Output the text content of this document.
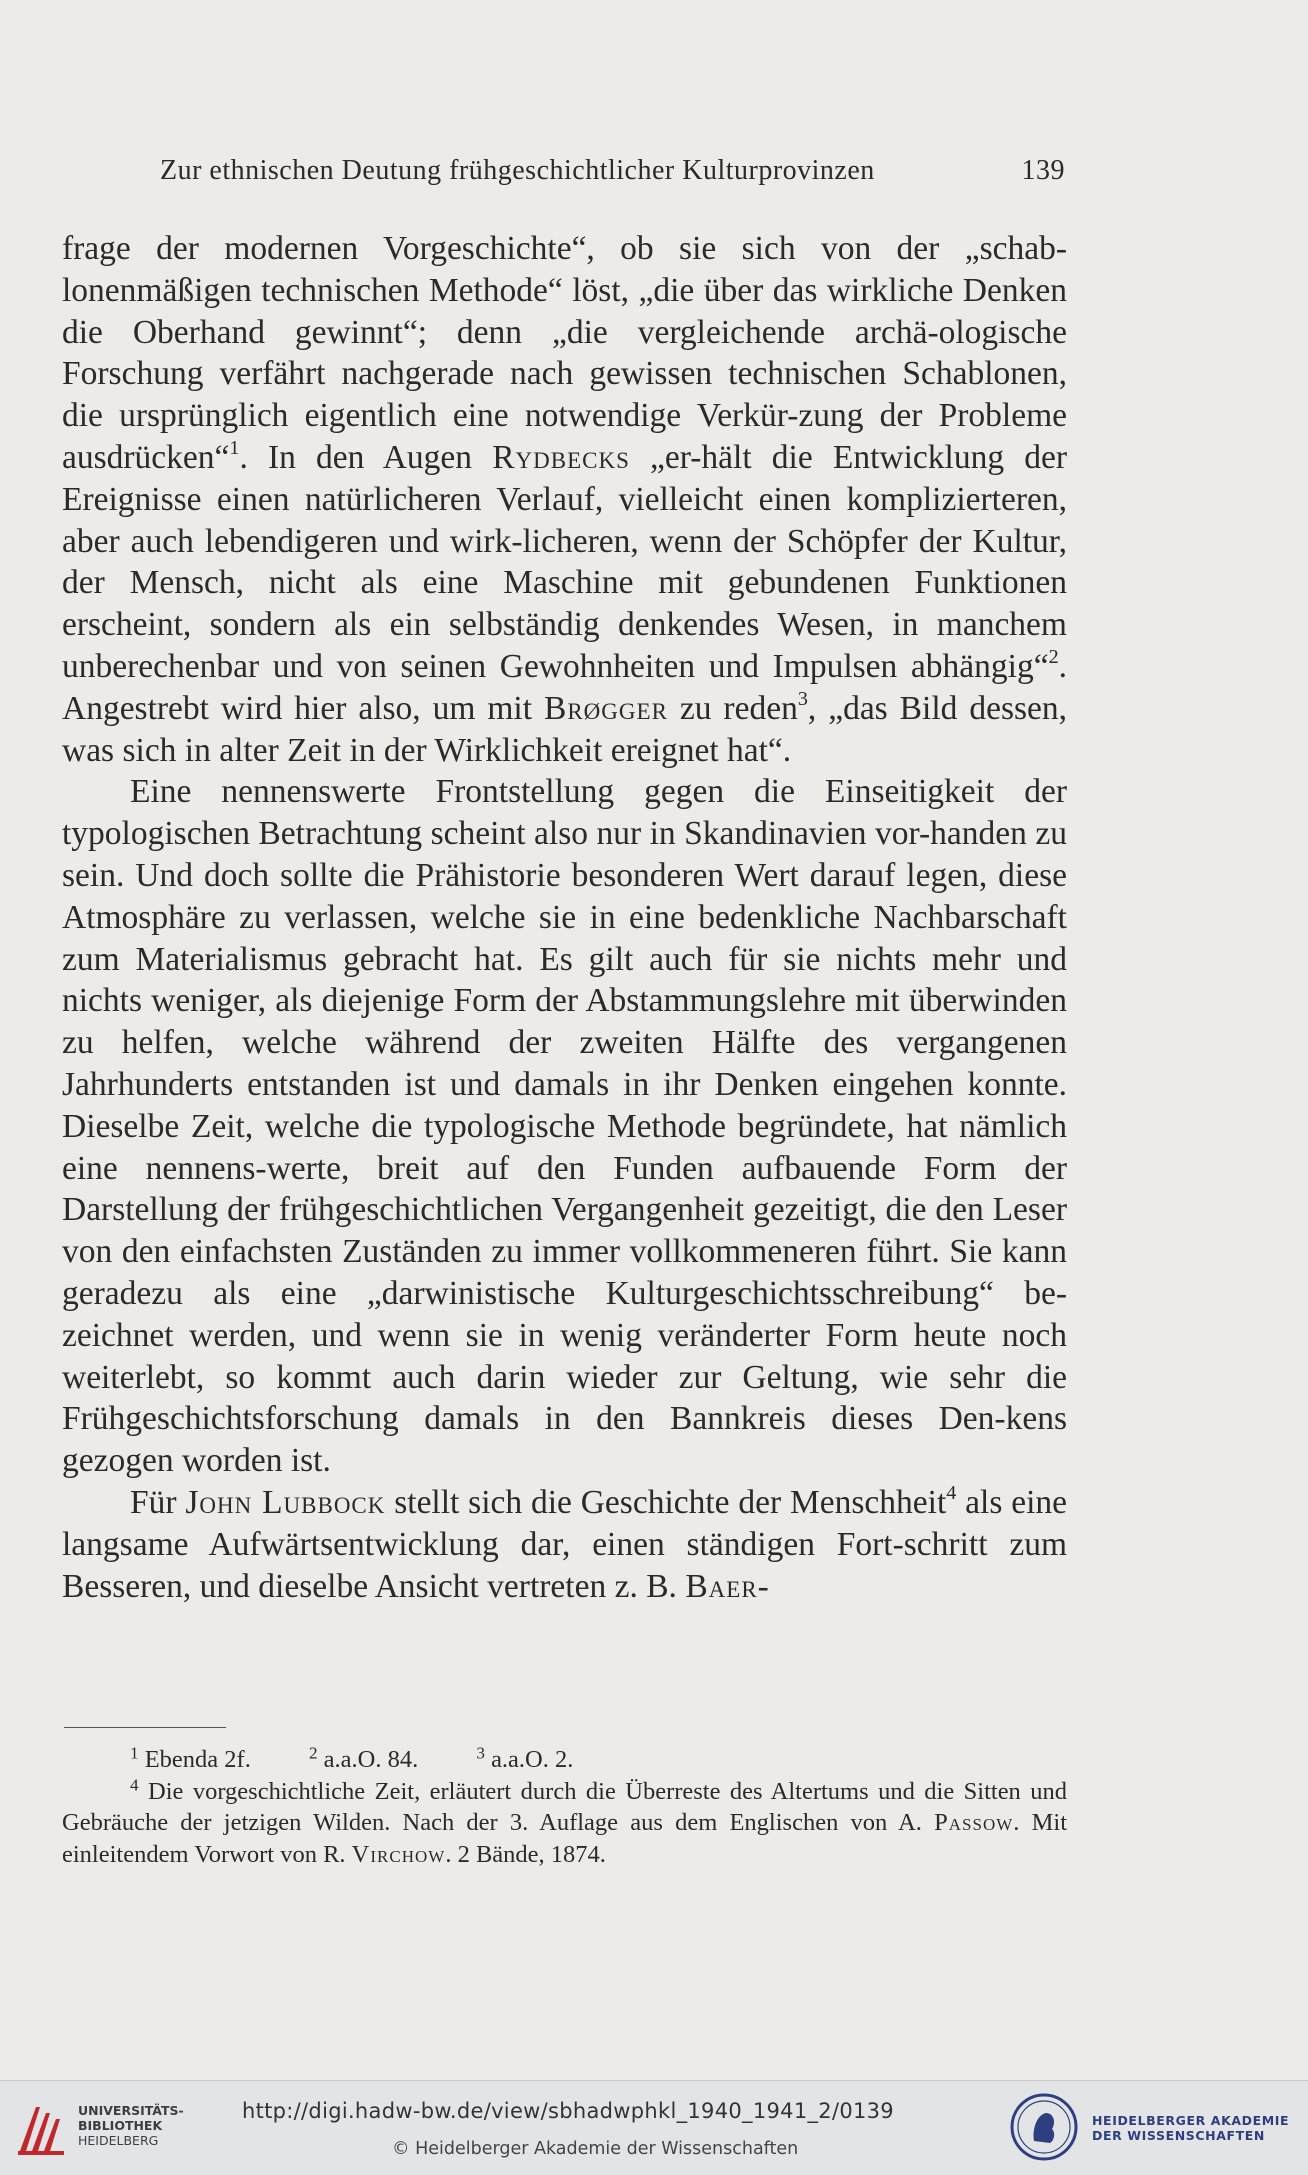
Zur ethnischen Deutung frühgeschichtlicher Kulturprovinzen	139

frage der modernen Vorgeschichte“, ob sie sich von der „schab-lonenmäßigen technischen Methode“ löst, „die über das wirkliche Denken die Oberhand gewinnt“; denn „die vergleichende archä-ologische Forschung verfährt nachgerade nach gewissen technischen Schablonen, die ursprünglich eigentlich eine notwendige Verkür-zung der Probleme ausdrücken“$^1$. In den Augen Rydbecks „er-hält die Entwicklung der Ereignisse einen natürlicheren Verlauf, vielleicht einen komplizierteren, aber auch lebendigeren und wirk-licheren, wenn der Schöpfer der Kultur, der Mensch, nicht als eine Maschine mit gebundenen Funktionen erscheint, sondern als ein selbständig denkendes Wesen, in manchem unberechenbar und von seinen Gewohnheiten und Impulsen abhängig“$^2$. Angestrebt wird hier also, um mit Brøgger zu reden$^3$, „das Bild dessen, was sich in alter Zeit in der Wirklichkeit ereignet hat“.

Eine nennenswerte Frontstellung gegen die Einseitigkeit der typologischen Betrachtung scheint also nur in Skandinavien vor-handen zu sein. Und doch sollte die Prähistorie besonderen Wert darauf legen, diese Atmosphäre zu verlassen, welche sie in eine bedenkliche Nachbarschaft zum Materialismus gebracht hat. Es gilt auch für sie nichts mehr und nichts weniger, als diejenige Form der Abstammungslehre mit überwinden zu helfen, welche während der zweiten Hälfte des vergangenen Jahrhunderts entstanden ist und damals in ihr Denken eingehen konnte. Dieselbe Zeit, welche die typologische Methode begründete, hat nämlich eine nennens-werte, breit auf den Funden aufbauende Form der Darstellung der frühgeschichtlichen Vergangenheit gezeitigt, die den Leser von den einfachsten Zuständen zu immer vollkommeneren führt. Sie kann geradezu als eine „darwinistische Kulturgeschichtsschreibung“ be-zeichnet werden, und wenn sie in wenig veränderter Form heute noch weiterlebt, so kommt auch darin wieder zur Geltung, wie sehr die Frühgeschichtsforschung damals in den Bannkreis dieses Den-kens gezogen worden ist.

Für John Lubbock stellt sich die Geschichte der Menschheit$^4$ als eine langsame Aufwärtsentwicklung dar, einen ständigen Fort-schritt zum Besseren, und dieselbe Ansicht vertreten z. B. Baer-

$^1$ Ebenda 2f.	$^2$ a.a.O. 84.	$^3$ a.a.O. 2.

$^4$ Die vorgeschichtliche Zeit, erläutert durch die Überreste des Altertums und die Sitten und Gebräuche der jetzigen Wilden. Nach der 3. Auflage aus dem Englischen von A. Passow. Mit einleitendem Vorwort von R. Virchow. 2 Bände, 1874.

UNIVERSITÄTS-
BIBLIOTHEK
HEIDELBERG
http://digi.hadw-bw.de/view/sbhadwphkl_1940_1941_2/0139
© Heidelberger Akademie der Wissenschaften
HEIDELBERGER AKADEMIE
DER WISSENSCHAFTEN
